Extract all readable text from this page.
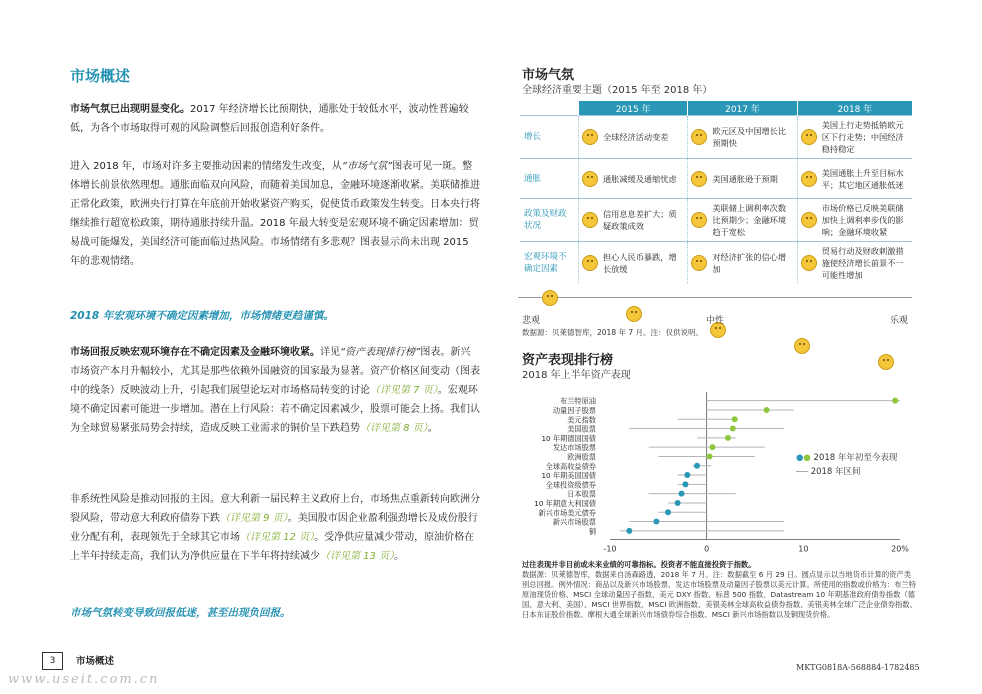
市场概述
市场气氛已出现明显变化。2017 年经济增长比预期快，通胀处于较低水平，波动性普遍较低，为各个市场取得可观的风险调整后回报创造利好条件。
进入 2018 年，市场对许多主要推动因素的情绪发生改变，从“市场气氛”图表可见一斑。整体增长前景依然理想。通胀面临双向风险，而随着美国加息，金融环境逐渐收紧。美联储推进正常化政策，欧洲央行打算在年底前开始收紧资产购买，促使货币政策发生转变。日本央行将继续推行超宽松政策，期待通胀持续升温。2018 年最大转变是宏观环境不确定因素增加：贸易战可能爆发，美国经济可能面临过热风险。市场情绪有多悲观？图表显示尚未出现 2015 年的悲观情绪。
2018 年宏观环境不确定因素增加，市场情绪更趋谨慎。
市场回报反映宏观环境存在不确定因素及金融环境收紧。详见“资产表现排行榜”图表。新兴市场资产本月升幅较小，尤其是那些依赖外国融资的国家最为显著。资产价格区间变动（图表中的线条）反映波动上升，引起我们展望论坛对市场格局转变的讨论（详见第 7 页）。宏观环境不确定因素可能进一步增加。潜在上行风险：若不确定因素减少，股票可能会上扬。我们认为全球贸易紧张局势会持续，造成反映工业需求的铜价呈下跌趋势（详见第 8 页）。
非系统性风险是推动回报的主因。意大利新一届民粹主义政府上台，市场焦点重新转向欧洲分裂风险，带动意大利政府债券下跌（详见第 9 页）。美国股市因企业盈利强劲增长及成份股行业分配有利，表现领先于全球其它市场（详见第 12 页）。受净供应量减少带动，原油价格在上半年持续走高，我们认为净供应量在下半年将持续减少（详见第 13 页）。
市场气氛转变导致回报低迷，甚至出现负回报。
市场气氛
全球经济重要主题（2015 年至 2018 年）
	2015 年	2017 年	2018 年
增长	全球经济活动变差	欧元区及中国增长比预期快	美国上行走势抵销欧元区下行走势；中国经济稳持稳定

通胀	通胀减缓及通缩忧虑	美国通胀逊于预期	美国通胀上升至目标水平；其它地区通胀低迷

政策及财政状况	信用息息差扩大；质疑政策成效	美联储上调利率次数比预期少；金融环境趋于宽松	市场价格已反映美联储加快上调利率步伐的影响；金融环境收紧

宏观环境不确定因素	担心人民币暴跌，增长放缓	对经济扩张的信心增加	贸易行动及财政刺激措施使经济增长前景不一可能性增加
悲观	中性	乐观
数据源：贝莱德智库，2018 年 7 月。注：仅供说明。
资产表现排行榜
2018 年上半年资产表现
-10	0	10	20%
布兰特原油
动量因子股票
美元指数
美国股票
10 年期德国国债
发达市场股票
欧洲股票
全球高收益债券
10 年期美国国债
全球投资级债券
日本股票
10 年期意大利国债
新兴市场美元债券
新兴市场股票
铜
●● 2018 年年初至今表现
2018 年区间
过往表现并非目前或未来业绩的可靠指标。投资者不能直接投资于指数。
数据源：贝莱德智库，数据来自汤森路透，2018 年 7 月。注：数据截至 6 月 29 日。圆点显示以当地货币计算的资产类别总回报。例外情况：商品以及新兴市场股票、发达市场股票及动量因子股票以美元计算。所使用的指数或价格为：布兰特原油现货价格、MSCI 全球动量因子指数、美元 DXY 指数、标普 500 指数、Datastream 10 年期基准政府债券指数（德国、意大利、美国）、MSCI 世界指数、MSCI 欧洲指数、美银美林全球高收益债券指数、美银美林全球广泛企业债券指数、日本东证股价指数、摩根大通全球新兴市场债券综合指数、MSCI 新兴市场指数以及铜现货价格。
3	市场概述
MKTG0818A-568884-1782485
www.useit.com.cn
